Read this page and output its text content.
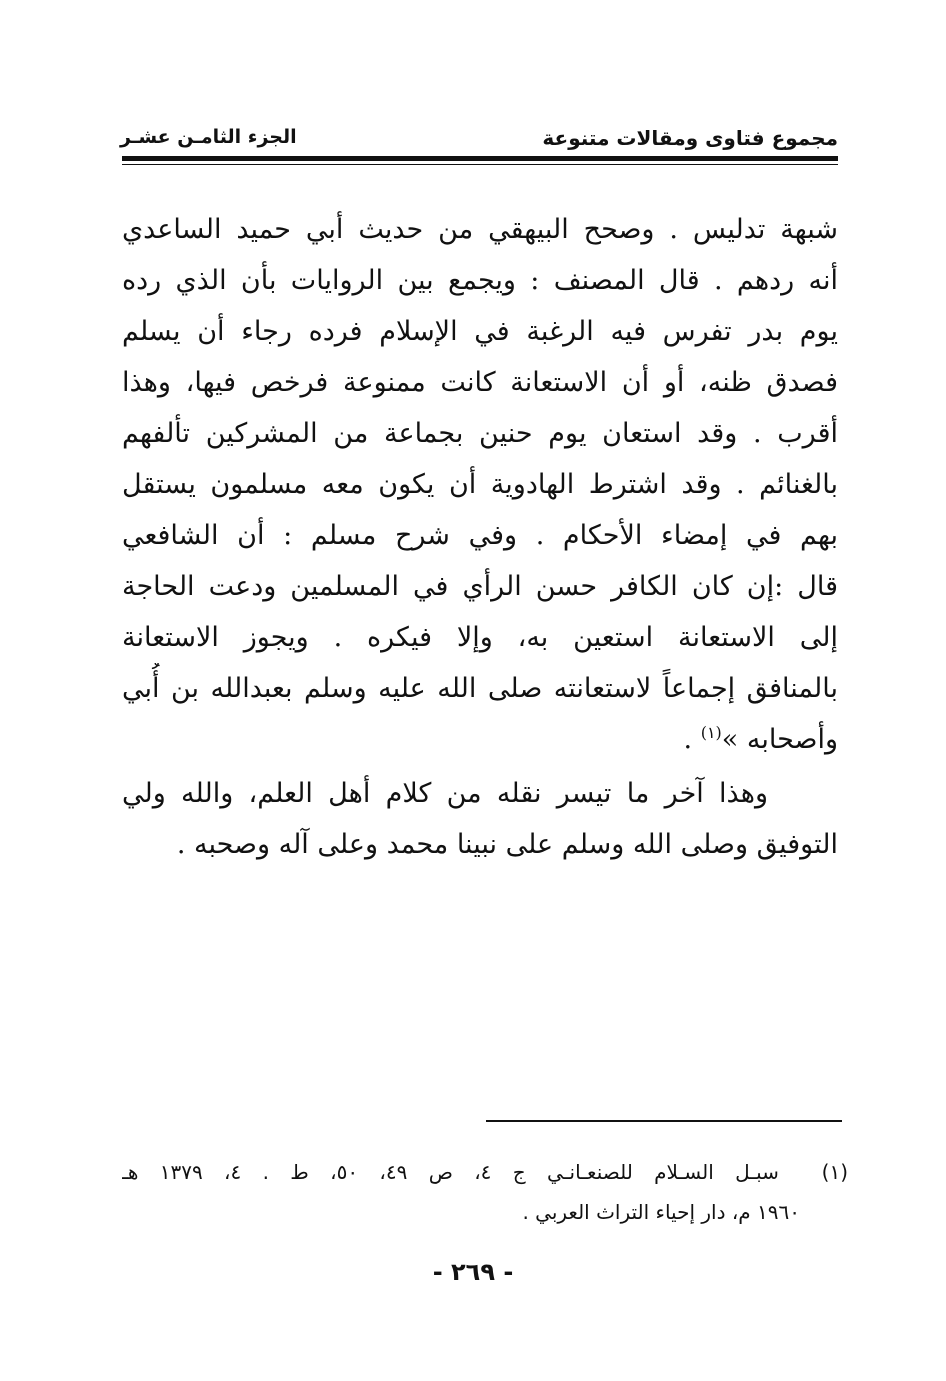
مجموع فتاوى ومقالات متنوعة
الجزء الثامـن عشـر
شبهة تدليس . وصحح البيهقي من حديث أبي حميد الساعدي
أنه ردهم . قال المصنف : ويجمع بين الروايات بأن الذي رده
يوم بدر تفرس فيه الرغبة في الإسلام فرده رجاء أن يسلم
فصدق ظنه، أو أن الاستعانة كانت ممنوعة فرخص فيها، وهذا
أقرب . وقد استعان يوم حنين بجماعة من المشركين تألفهم
بالغنائم . وقد اشترط الهادوية أن يكون معه مسلمون يستقل
بهم في إمضاء الأحكام . وفي شرح مسلم : أن الشافعي
قال :إن كان الكافر حسن الرأي في المسلمين ودعت الحاجة
إلى الاستعانة استعين به، وإلا فيكره . ويجوز الاستعانة
بالمنافق إجماعاً لاستعانته صلى الله عليه وسلم بعبدالله بن أُبي
وأصحابه »$^{(١)}$ .
وهذا آخر ما تيسر نقله من كلام أهل العلم، والله ولي
التوفيق وصلى الله وسلم على نبينا محمد وعلى آله وصحبه .
(١)  سبـل السـلام للصنعـانـي ج ٤، ص ٤٩، ٥٠، ط . ٤، ١٣٧٩ هـ
١٩٦٠ م، دار إحياء التراث العربي .
- ٢٦٩ -
